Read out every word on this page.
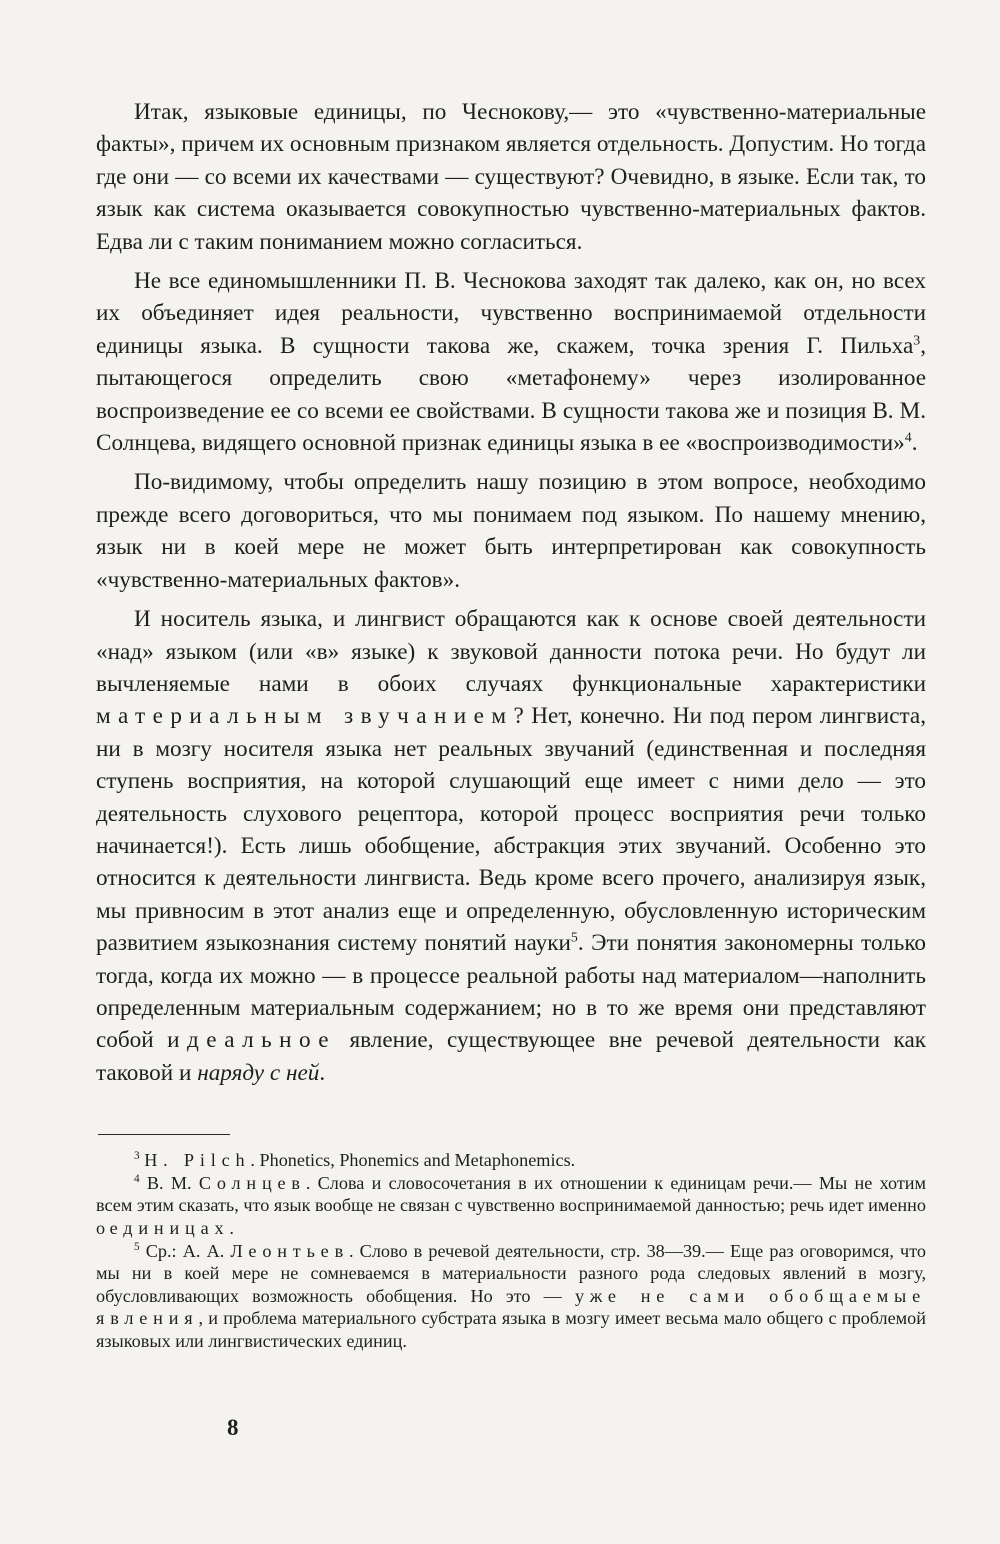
Итак, языковые единицы, по Чеснокову,— это «чувственно-материальные факты», причем их основным признаком является отдельность. Допустим. Но тогда где они — со всеми их качествами — существуют? Очевидно, в языке. Если так, то язык как система оказывается совокупностью чувственно-материальных фактов. Едва ли с таким пониманием можно согласиться.

Не все единомышленники П. В. Чеснокова заходят так далеко, как он, но всех их объединяет идея реальности, чувственно воспринимаемой отдельности единицы языка. В сущности такова же, скажем, точка зрения Г. Пильха$^3$, пытающегося определить свою «метафонему» через изолированное воспроизведение ее со всеми ее свойствами. В сущности такова же и позиция В. М. Солнцева, видящего основной признак единицы языка в ее «воспроизводимости»$^4$.

По-видимому, чтобы определить нашу позицию в этом вопросе, необходимо прежде всего договориться, что мы понимаем под языком. По нашему мнению, язык ни в коей мере не может быть интерпретирован как совокупность «чувственно-материальных фактов».

И носитель языка, и лингвист обращаются как к основе своей деятельности «над» языком (или «в» языке) к звуковой данности потока речи. Но будут ли вычленяемые нами в обоих случаях функциональные характеристики материальным звучанием? Нет, конечно. Ни под пером лингвиста, ни в мозгу носителя языка нет реальных звучаний (единственная и последняя ступень восприятия, на которой слушающий еще имеет с ними дело — это деятельность слухового рецептора, которой процесс восприятия речи только начинается!). Есть лишь обобщение, абстракция этих звучаний. Особенно это относится к деятельности лингвиста. Ведь кроме всего прочего, анализируя язык, мы привносим в этот анализ еще и определенную, обусловленную историческим развитием языкознания систему понятий науки$^5$. Эти понятия закономерны только тогда, когда их можно — в процессе реальной работы над материалом—наполнить определенным материальным содержанием; но в то же время они представляют собой идеальное явление, существующее вне речевой деятельности как таковой и наряду с ней.

$^3$ H. Pilch. Phonetics, Phonemics and Metaphonemics.

$^4$ В. М. Солнцев. Слова и словосочетания в их отношении к единицам речи.— Мы не хотим всем этим сказать, что язык вообще не связан с чувственно воспринимаемой данностью; речь идет именно о единицах.

$^5$ Ср.: А. А. Леонтьев. Слово в речевой деятельности, стр. 38—39.— Еще раз оговоримся, что мы ни в коей мере не сомневаемся в материальности разного рода следовых явлений в мозгу, обусловливающих возможность обобщения. Но это — уже не сами обобщаемые явления, и проблема материального субстрата языка в мозгу имеет весьма мало общего с проблемой языковых или лингвистических единиц.

8
